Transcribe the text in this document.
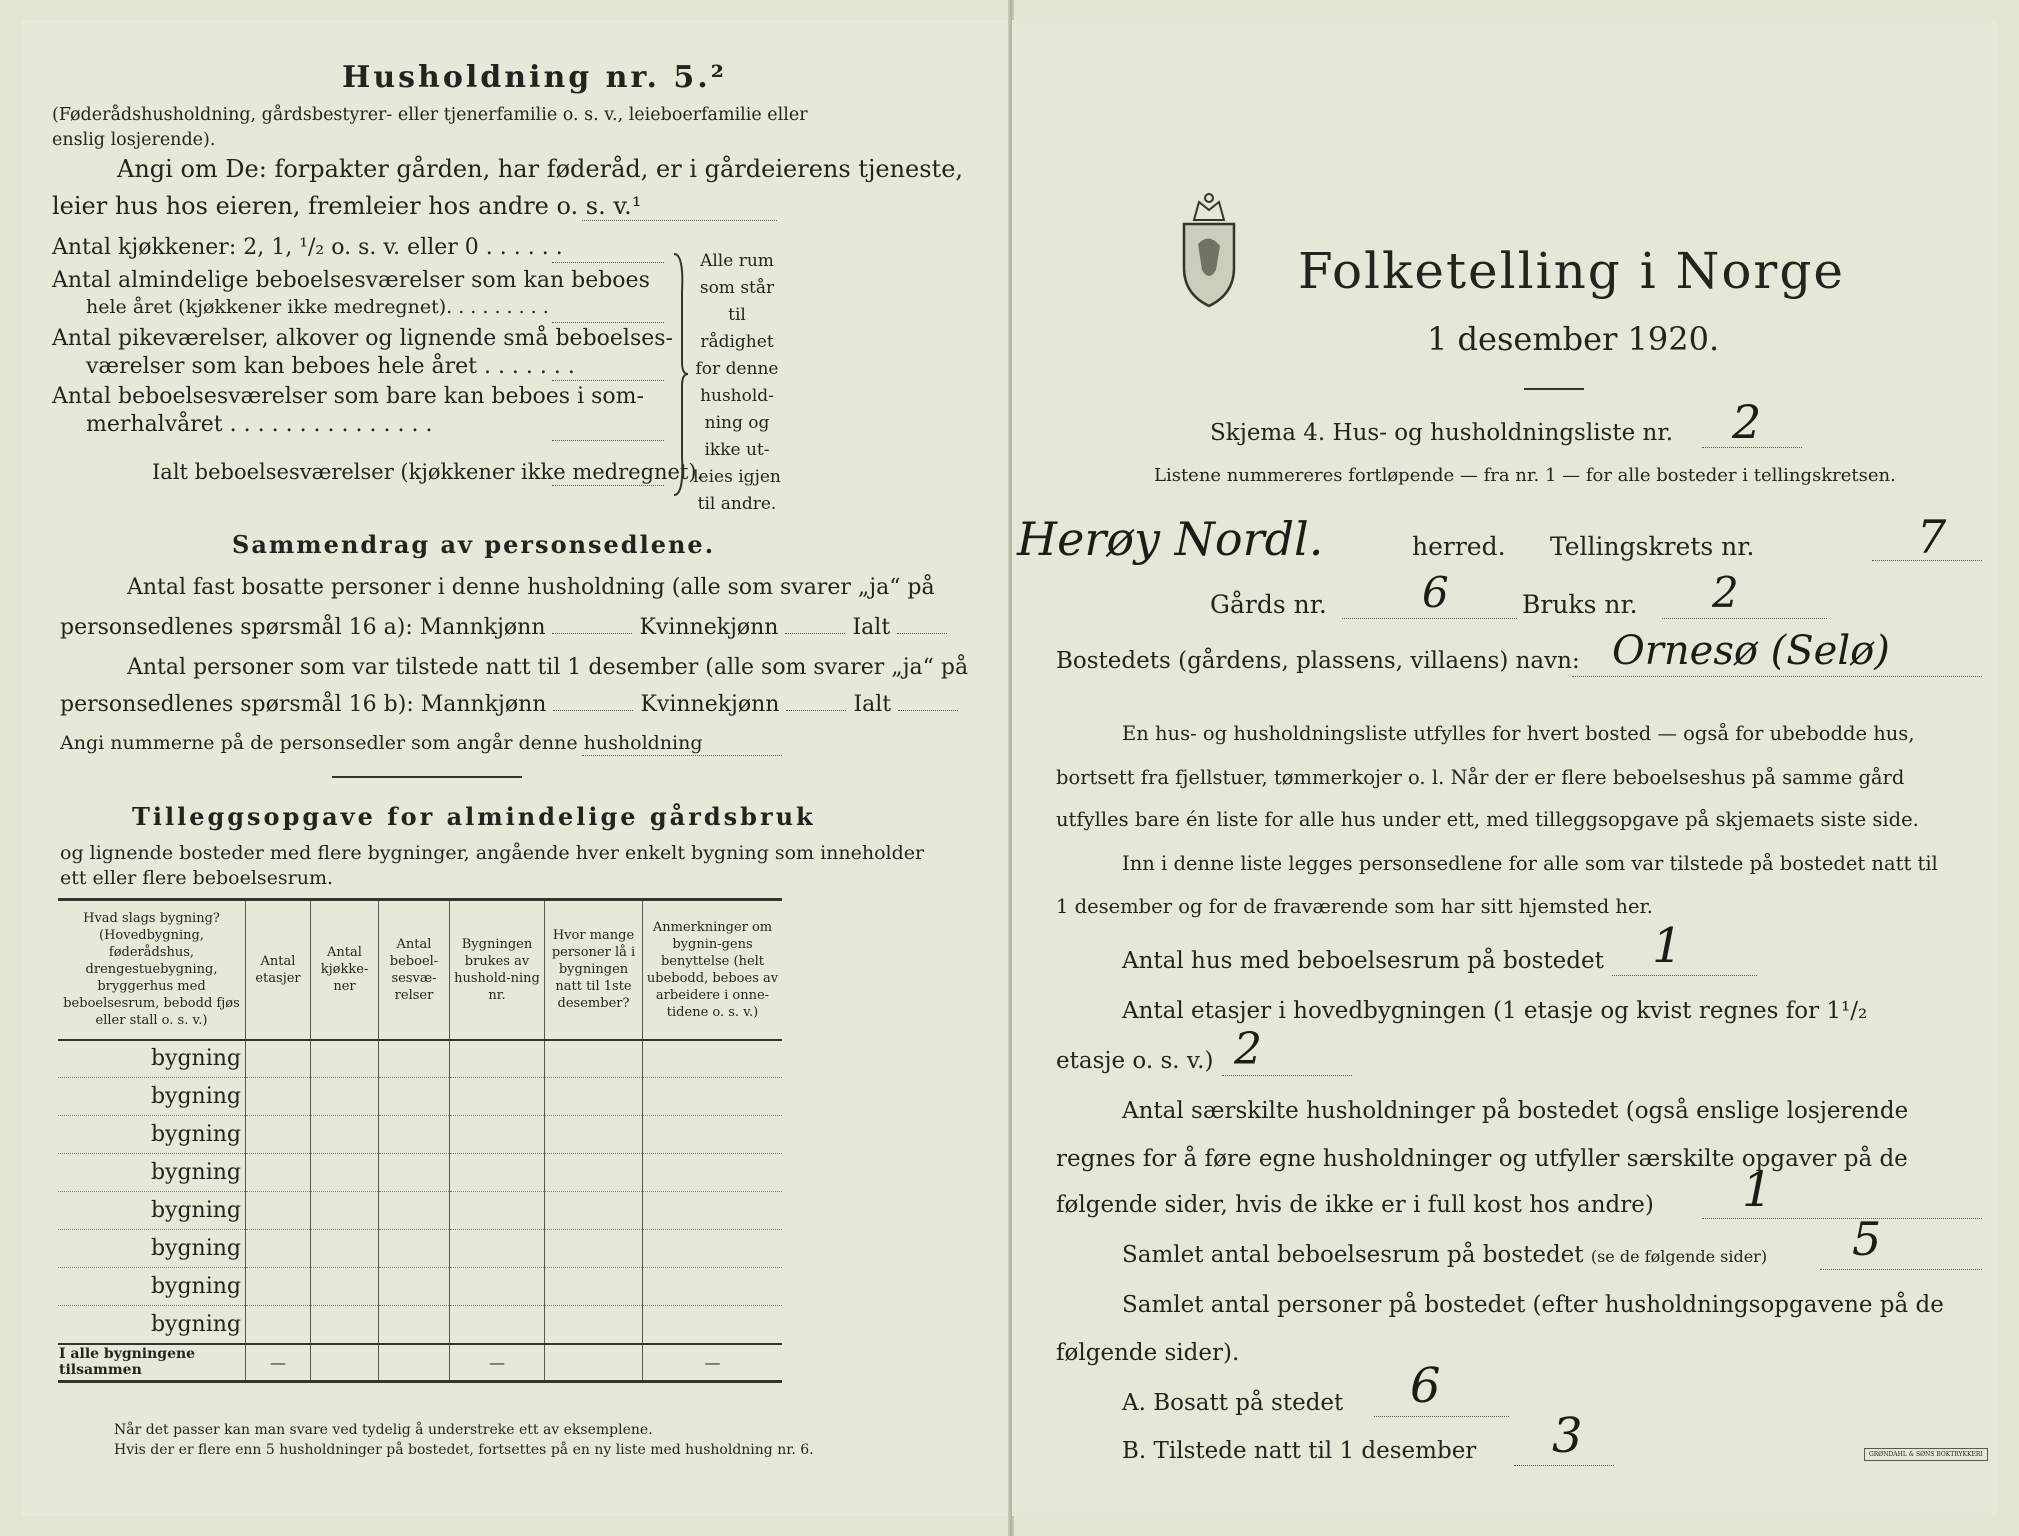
Husholdning nr. 5.²
(Føderådshusholdning, gårdsbestyrer- eller tjenerfamilie o. s. v., leieboerfamilie eller
enslig losjerende).
Angi om De: forpakter gården, har føderåd, er i gårdeierens tjeneste,
leier hus hos eieren, fremleier hos andre o. s. v.¹
Antal kjøkkener: 2, 1, ¹/₂ o. s. v. eller 0 . . . . . .
Antal almindelige beboelsesværelser som kan beboes
hele året (kjøkkener ikke medregnet). . . . . . . . .
Antal pikeværelser, alkover og lignende små beboelses-
værelser som kan beboes hele året . . . . . . .
Antal beboelsesværelser som bare kan beboes i som-
merhalvåret . . . . . . . . . . . . . . .
Ialt beboelsesværelser (kjøkkener ikke medregnet).
Alle rum
som står til
rådighet
for denne
hushold-
ning og
ikke ut-
leies igjen
til andre.
Sammendrag av personsedlene.
Antal fast bosatte personer i denne husholdning (alle som svarer „ja“ på
personsedlenes spørsmål 16 a): Mannkjønn	Kvinnekjønn	Ialt
Antal personer som var tilstede natt til 1 desember (alle som svarer „ja“ på
personsedlenes spørsmål 16 b): Mannkjønn	Kvinnekjønn	Ialt
Angi nummerne på de personsedler som angår denne husholdning
Tilleggsopgave for almindelige gårdsbruk
og lignende bosteder med flere bygninger, angående hver enkelt bygning som inneholder
ett eller flere beboelsesrum.
Hvad slags bygning?
(Hovedbygning, føderådshus, drengestuebygning, bryggerhus med beboelsesrum, bebodd fjøs eller stall o. s. v.)	Antal etasjer	Antal kjøkke-ner	Antal beboel-sesvæ-relser	Bygningen brukes av hushold-ning nr.	Hvor mange personer lå i bygningen natt til 1ste desember?	Anmerkninger om bygnin-gens benyttelse (helt ubebodd, beboes av arbeidere i onne-tidene o. s. v.)
bygning						
bygning						
bygning						
bygning						
bygning						
bygning						
bygning						
bygning						
I alle bygningene tilsammen	—			—		—
Når det passer kan man svare ved tydelig å understreke ett av eksemplene.
Hvis der er flere enn 5 husholdninger på bostedet, fortsettes på en ny liste med husholdning nr. 6.
Folketelling i Norge
1 desember 1920.
Skjema 4. Hus- og husholdningsliste nr. 2
Listene nummereres fortløpende — fra nr. 1 — for alle bosteder i tellingskretsen.
Herøy Nordl.	herred. Tellingskrets nr.	7
Gårds nr. 6	Bruks nr. 2
Bostedets (gårdens, plassens, villaens) navn: Ornesø (Selø)
En hus- og husholdningsliste utfylles for hvert bosted — også for ubebodde hus,
bortsett fra fjellstuer, tømmerkojer o. l. Når der er flere beboelseshus på samme gård
utfylles bare én liste for alle hus under ett, med tilleggsopgave på skjemaets siste side.
Inn i denne liste legges personsedlene for alle som var tilstede på bostedet natt til
1 desember og for de fraværende som har sitt hjemsted her.
Antal hus med beboelsesrum på bostedet 1
Antal etasjer i hovedbygningen (1 etasje og kvist regnes for 1¹/₂
etasje o. s. v.) 2
Antal særskilte husholdninger på bostedet (også enslige losjerende
regnes for å føre egne husholdninger og utfyller særskilte opgaver på de
følgende sider, hvis de ikke er i full kost hos andre) 1
Samlet antal beboelsesrum på bostedet (se de følgende sider) 5
Samlet antal personer på bostedet (efter husholdningsopgavene på de
følgende sider).
A. Bosatt på stedet 6
B. Tilstede natt til 1 desember 3	GRØNDAHL & SØNS BOKTRYKKERI
